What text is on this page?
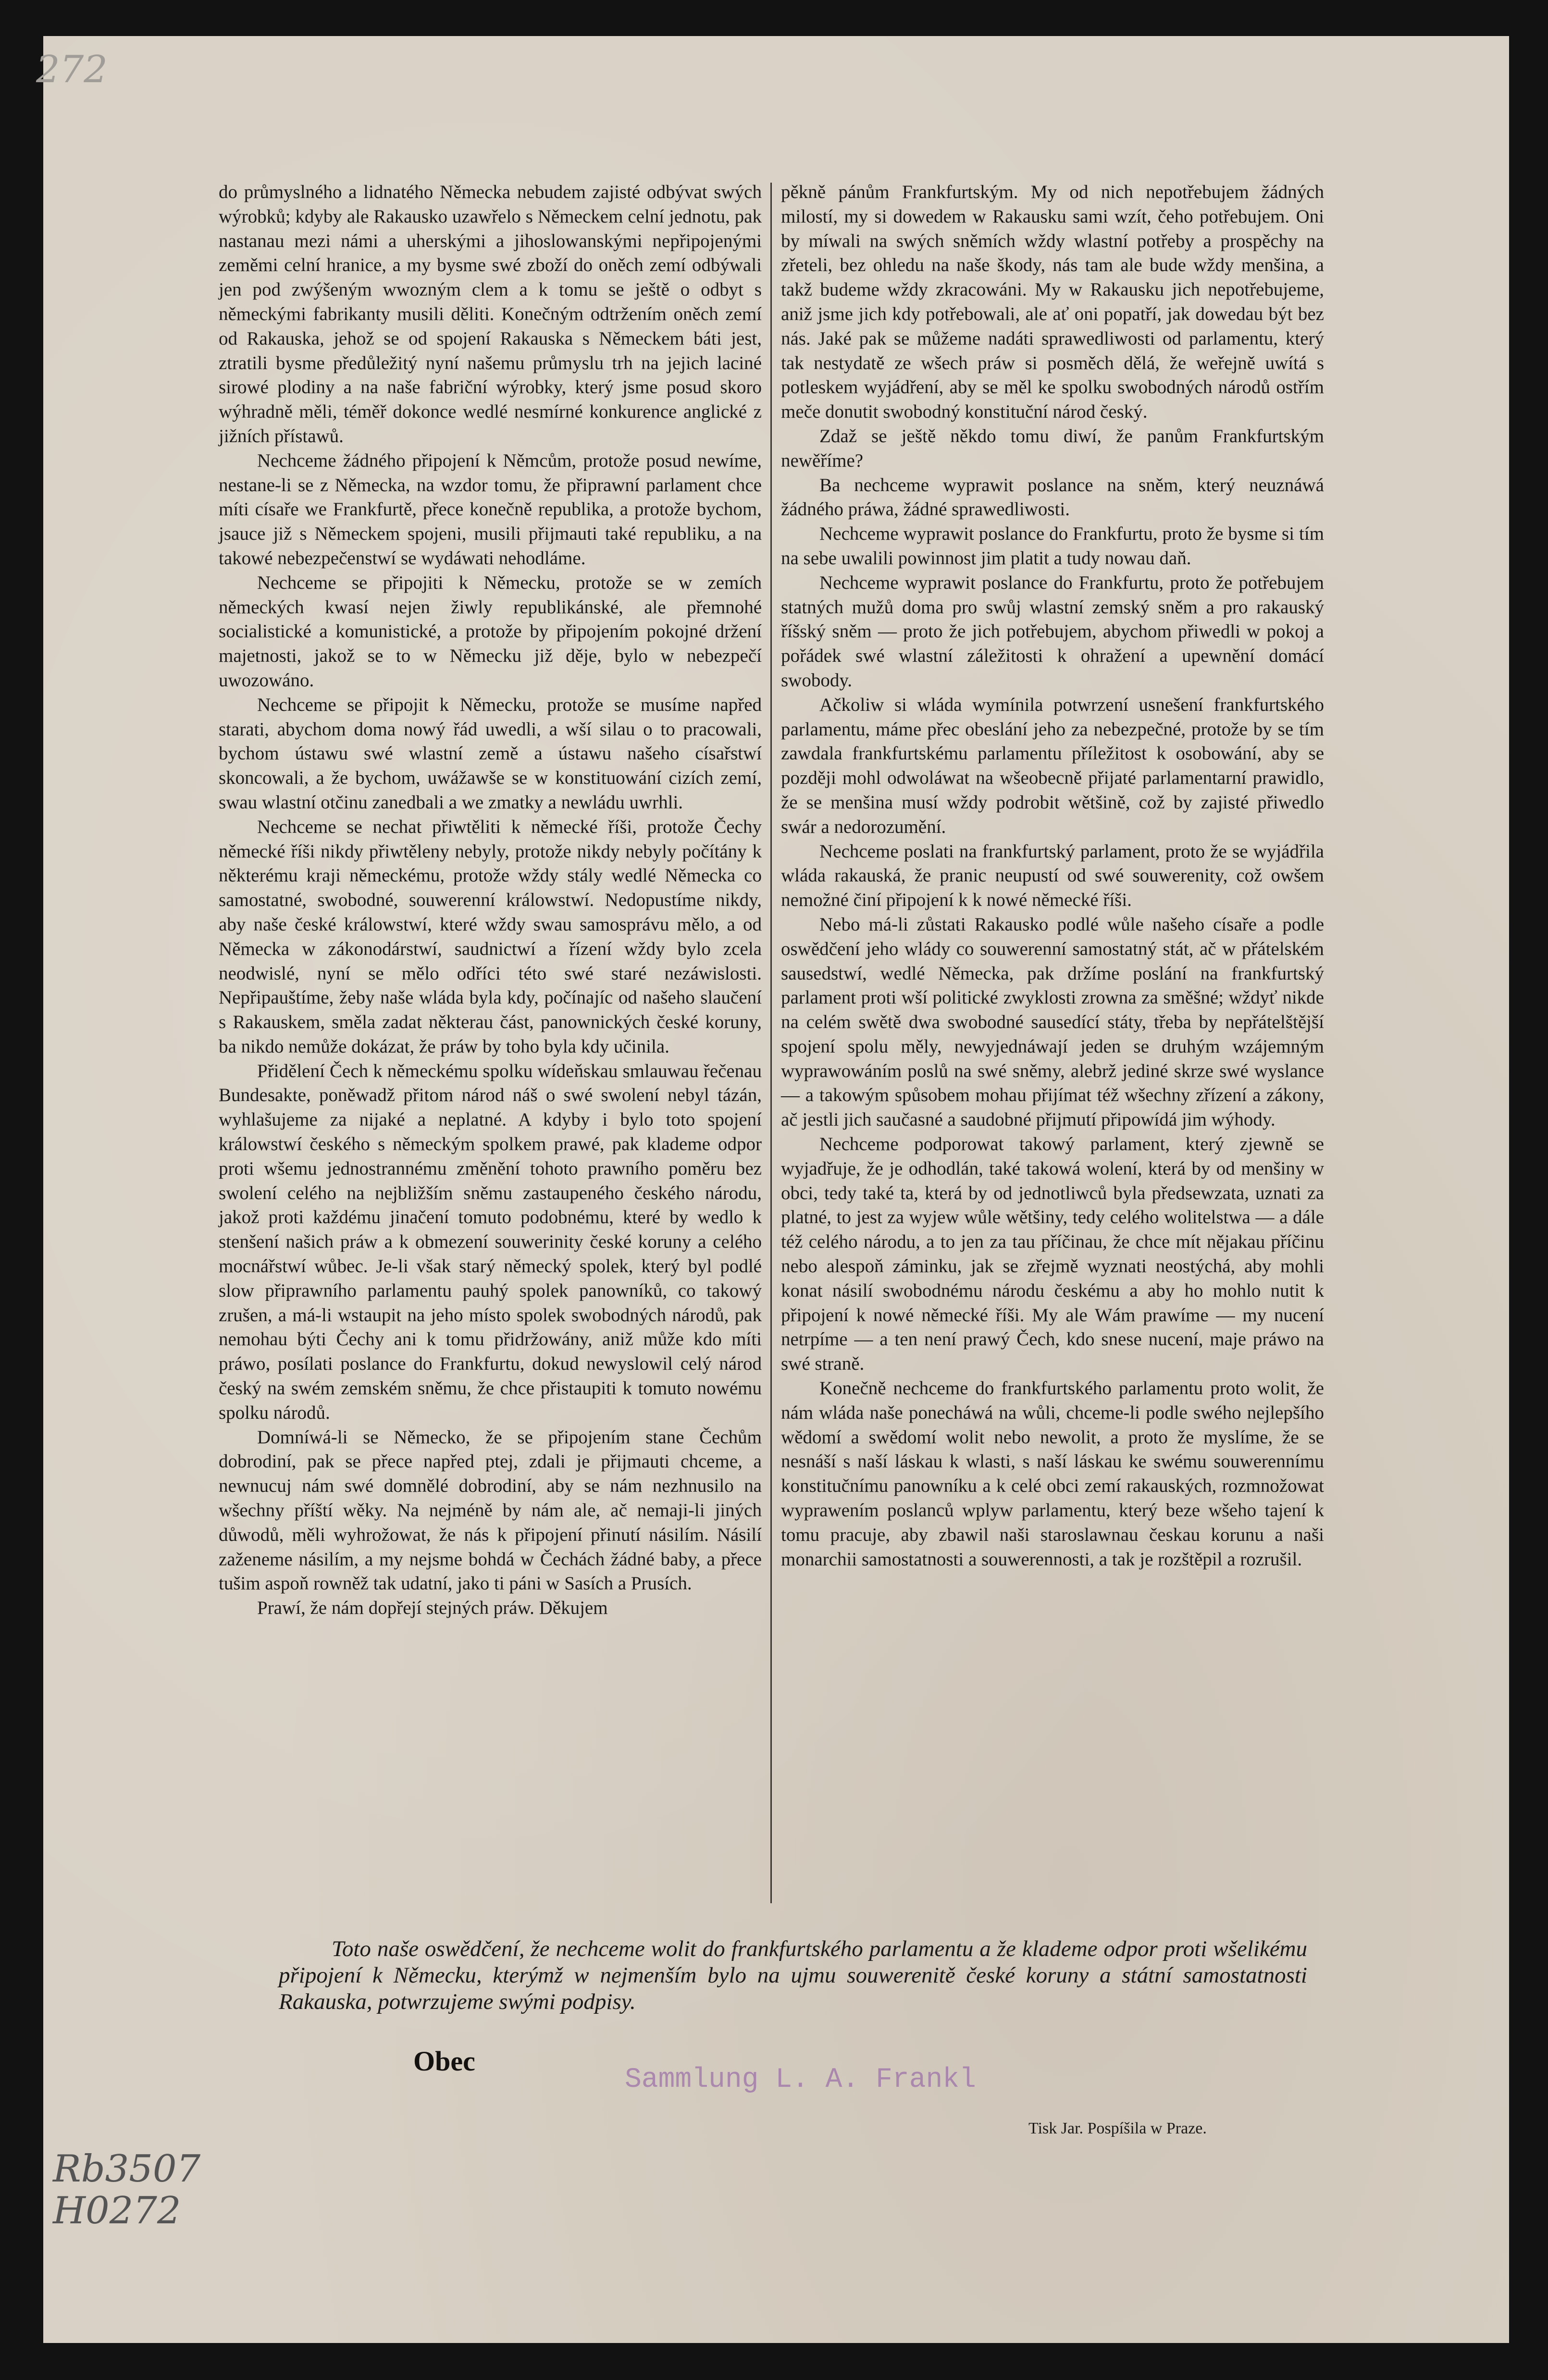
272

do průmyslného a lidnatého Německa nebudem zajisté odbývat swých wýrobků; kdyby ale Rakausko uzawřelo s Německem celní jednotu, pak nastanau mezi námi a uherskými a jihoslowanskými nepřipojenými zeměmi celní hranice, a my bysme swé zboží do oněch zemí odbýwali jen pod zwýšeným wwozným clem a k tomu se ještě o odbyt s německými fabrikanty musili děliti. Konečným odtržením oněch zemí od Rakauska, jehož se od spojení Rakauska s Německem báti jest, ztratili bysme předůležitý nyní našemu průmyslu trh na jejich laciné sirowé plodiny a na naše fabriční wýrobky, který jsme posud skoro wýhradně měli, téměř dokonce wedlé nesmírné konkurence anglické z jižních přístawů.

Nechceme žádného připojení k Němcům, protože posud newíme, nestane-li se z Německa, na wzdor tomu, že připrawní parlament chce míti císaře we Frankfurtě, přece konečně republika, a protože bychom, jsauce již s Německem spojeni, musili přijmauti také republiku, a na takowé nebezpečenstwí se wydáwati nehodláme.

Nechceme se připojiti k Německu, protože se w zemích německých kwasí nejen žiwly republikánské, ale přemnohé socialistické a komunistické, a protože by připojením pokojné držení majetnosti, jakož se to w Německu již děje, bylo w nebezpečí uwozowáno.

Nechceme se připojit k Německu, protože se musíme napřed starati, abychom doma nowý řád uwedli, a wší silau o to pracowali, bychom ústawu swé wlastní země a ústawu našeho císařstwí skoncowali, a že bychom, uwážawše se w konstituowání cizích zemí, swau wlastní otčinu zanedbali a we zmatky a newládu uwrhli.

Nechceme se nechat přiwtěliti k německé říši, protože Čechy německé říši nikdy přiwtěleny nebyly, protože nikdy nebyly počítány k některému kraji německému, protože wždy stály wedlé Německa co samostatné, swobodné, souwerenní králowstwí. Nedopustíme nikdy, aby naše české králowstwí, které wždy swau samosprávu mělo, a od Německa w zákonodárstwí, saudnictwí a řízení wždy bylo zcela neodwislé, nyní se mělo odříci této swé staré nezáwislosti. Nepřipauštíme, žeby naše wláda byla kdy, počínajíc od našeho slaučení s Rakauskem, směla zadat některau část, panownických české koruny, ba nikdo nemůže dokázat, že práw by toho byla kdy učinila.

Přidělení Čech k německému spolku wídeňskau smlauwau řečenau Bundesakte, poněwadž přitom národ náš o swé swolení nebyl tázán, wyhlašujeme za nijaké a neplatné. A kdyby i bylo toto spojení králowstwí českého s německým spolkem prawé, pak klademe odpor proti wšemu jednostrannému změnění tohoto prawního poměru bez swolení celého na nejbližším sněmu zastaupeného českého národu, jakož proti každému jinačení tomuto podobnému, které by wedlo k stenšení našich práw a k obmezení souwerinity české koruny a celého mocnářstwí wůbec. Je-li však starý německý spolek, který byl podlé slow připrawního parlamentu pauhý spolek panowníků, co takowý zrušen, a má-li wstaupit na jeho místo spolek swobodných národů, pak nemohau býti Čechy ani k tomu přidržowány, aniž může kdo míti práwo, posílati poslance do Frankfurtu, dokud newyslowil celý národ český na swém zemském sněmu, že chce přistaupiti k tomuto nowému spolku národů.

Domníwá-li se Německo, že se připojením stane Čechům dobrodiní, pak se přece napřed ptej, zdali je přijmauti chceme, a newnucuj nám swé domnělé dobrodiní, aby se nám nezhnusilo na wšechny příští wěky. Na nejméně by nám ale, ač nemaji-li jiných důwodů, měli wyhrožowat, že nás k připojení přinutí násilím. Násilí zaženeme násilím, a my nejsme bohdá w Čechách žádné baby, a přece tušim aspoň rowněž tak udatní, jako ti páni w Sasích a Prusích.

Prawí, že nám dopřejí stejných práw. Děkujem

pěkně pánům Frankfurtským. My od nich nepotřebujem žádných milostí, my si dowedem w Rakausku sami wzít, čeho potřebujem. Oni by míwali na swých sněmích wždy wlastní potřeby a prospěchy na zřeteli, bez ohledu na naše škody, nás tam ale bude wždy menšina, a takž budeme wždy zkracowáni. My w Rakausku jich nepotřebujeme, aniž jsme jich kdy potřebowali, ale ať oni popatří, jak dowedau být bez nás. Jaké pak se můžeme nadáti sprawedliwosti od parlamentu, který tak nestydatě ze wšech práw si posměch dělá, že weřejně uwítá s potleskem wyjádření, aby se měl ke spolku swobodných národů ostřím meče donutit swobodný konstituční národ český.

Zdaž se ještě někdo tomu diwí, že panům Frankfurtským newěříme?

Ba nechceme wyprawit poslance na sněm, který neuznáwá žádného práwa, žádné sprawedliwosti.

Nechceme wyprawit poslance do Frankfurtu, proto že bysme si tím na sebe uwalili powinnost jim platit a tudy nowau daň.

Nechceme wyprawit poslance do Frankfurtu, proto že potřebujem statných mužů doma pro swůj wlastní zemský sněm a pro rakauský říšský sněm — proto že jich potřebujem, abychom přiwedli w pokoj a pořádek swé wlastní záležitosti k ohražení a upewnění domácí swobody.

Ačkoliw si wláda wymínila potwrzení usnešení frankfurtského parlamentu, máme přec obeslání jeho za nebezpečné, protože by se tím zawdala frankfurtskému parlamentu příležitost k osobowání, aby se později mohl odwoláwat na wšeobecně přijaté parlamentarní prawidlo, že se menšina musí wždy podrobit wětšině, což by zajisté přiwedlo swár a nedorozumění.

Nechceme poslati na frankfurtský parlament, proto že se wyjádřila wláda rakauská, že pranic neupustí od swé souwerenity, což owšem nemožné činí připojení k k nowé německé říši.

Nebo má-li zůstati Rakausko podlé wůle našeho císaře a podle oswědčení jeho wlády co souwerenní samostatný stát, ač w přátelském sausedstwí, wedlé Německa, pak držíme poslání na frankfurtský parlament proti wší politické zwyklosti zrowna za směšné; wždyť nikde na celém swětě dwa swobodné sausedící státy, třeba by nepřátelštější spojení spolu měly, newyjednáwají jeden se druhým wzájemným wyprawowáním poslů na swé sněmy, alebrž jediné skrze swé wyslance — a takowým spůsobem mohau přijímat též wšechny zřízení a zákony, ač jestli jich saučasné a saudobné přijmutí připowídá jim wýhody.

Nechceme podporowat takowý parlament, který zjewně se wyjadřuje, že je odhodlán, také takowá wolení, která by od menšiny w obci, tedy také ta, která by od jednotliwců byla předsewzata, uznati za platné, to jest za wyjew wůle wětšiny, tedy celého wolitelstwa — a dále též celého národu, a to jen za tau příčinau, že chce mít nějakau příčinu nebo alespoň záminku, jak se zřejmě wyznati neostýchá, aby mohli konat násilí swobodnému národu českému a aby ho mohlo nutit k připojení k nowé německé říši. My ale Wám prawíme — my nucení netrpíme — a ten není prawý Čech, kdo snese nucení, maje práwo na swé straně.

Konečně nechceme do frankfurtského parlamentu proto wolit, že nám wláda naše ponecháwá na wůli, chceme-li podle swého nejlepšího wědomí a swědomí wolit nebo newolit, a proto že myslíme, že se nesnáší s naší láskau k wlasti, s naší láskau ke swému souwerennímu konstitučnímu panowníku a k celé obci zemí rakauských, rozmnožowat wyprawením poslanců wplyw parlamentu, který beze wšeho tajení k tomu pracuje, aby zbawil naši staroslawnau českau korunu a naši monarchii samostatnosti a souwerennosti, a tak je rozštěpil a rozrušil.

Toto naše oswědčení, že nechceme wolit do frankfurtského parlamentu a že klademe odpor proti wšelikému připojení k Německu, kterýmž w nejmenším bylo na ujmu souwerenitě české koruny a státní samostatnosti Rakauska, potwrzujeme swými podpisy.
Obec
Sammlung L. A. Frankl
Tisk Jar. Pospíšila w Praze.
Rb3507
H0272
